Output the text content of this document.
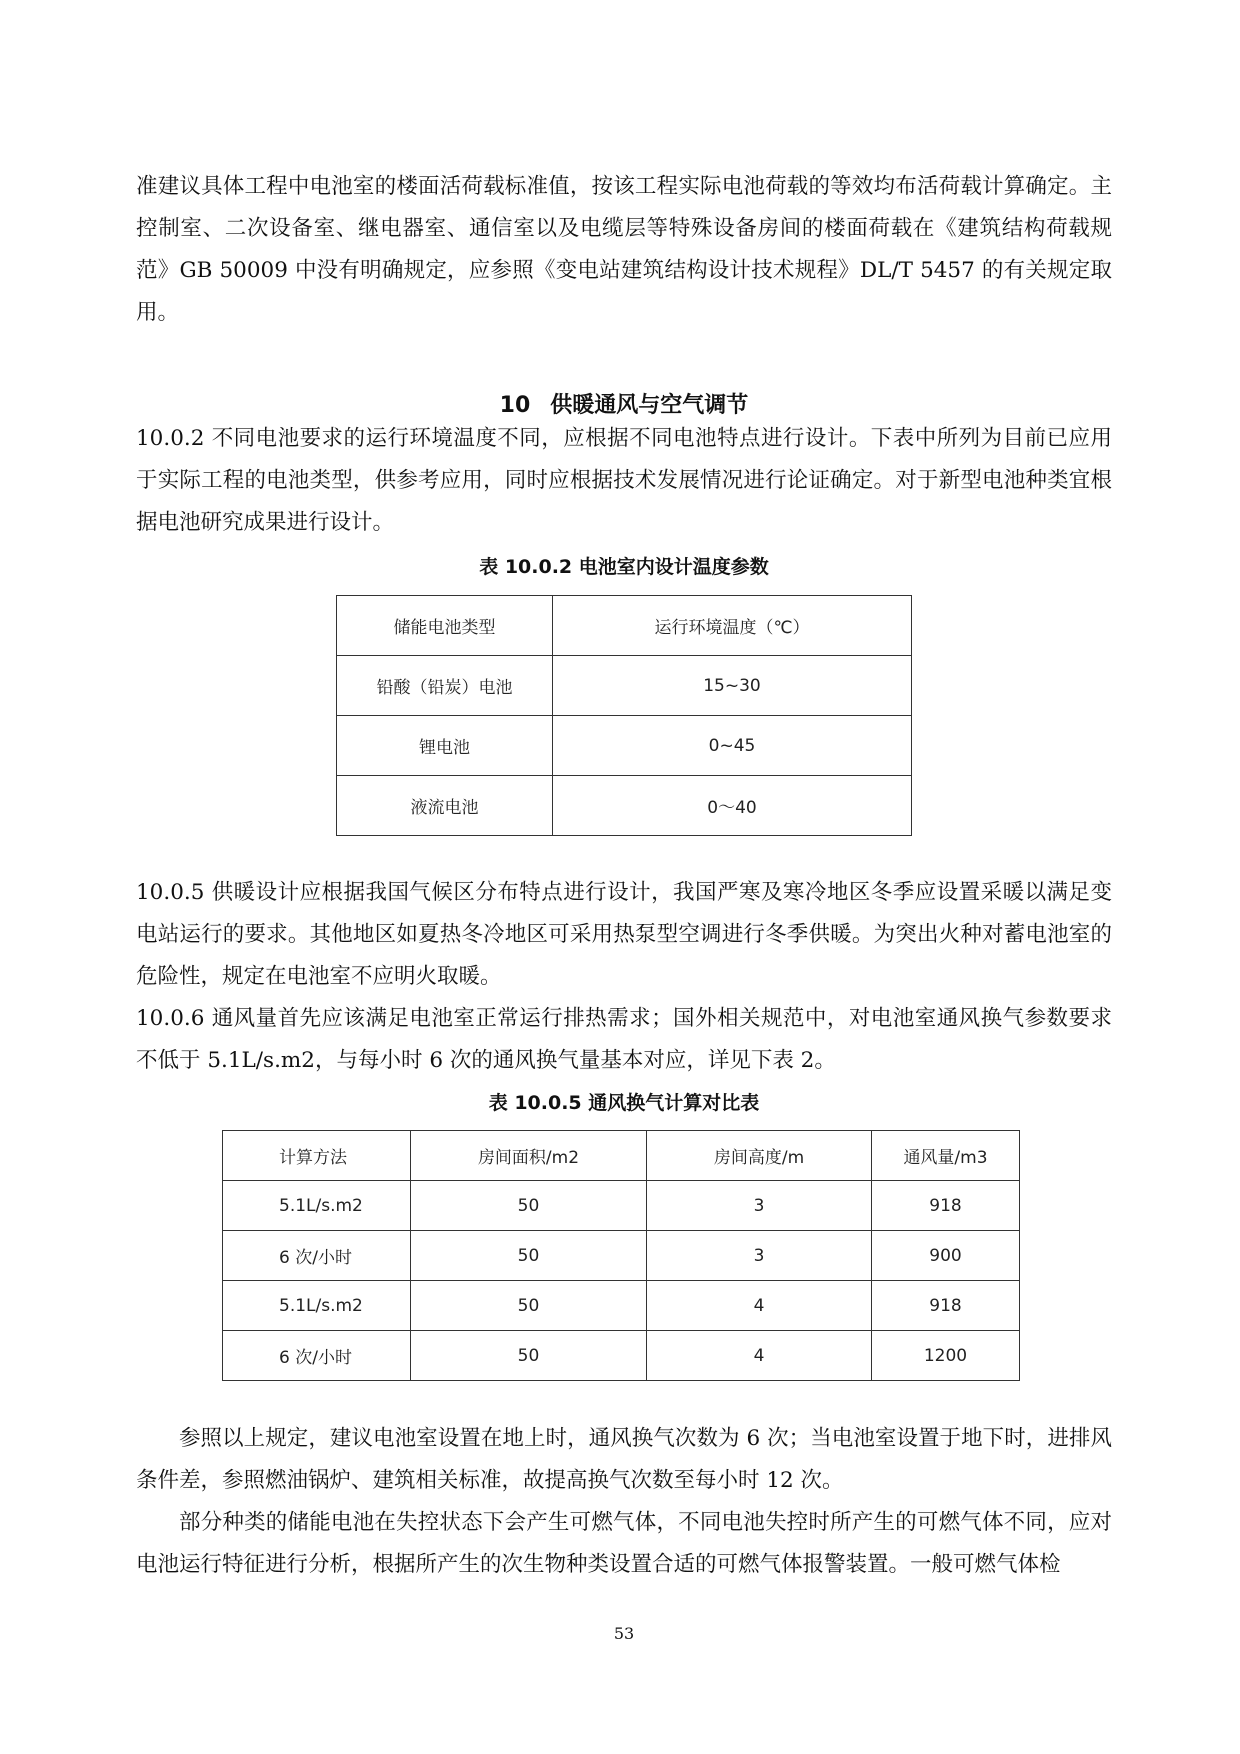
准建议具体工程中电池室的楼面活荷载标准值，按该工程实际电池荷载的等效均布活荷载计算确定。主控制室、二次设备室、继电器室、通信室以及电缆层等特殊设备房间的楼面荷载在《建筑结构荷载规范》GB 50009 中没有明确规定，应参照《变电站建筑结构设计技术规程》DL/T 5457 的有关规定取用。

10 供暖通风与空气调节

10.0.2 不同电池要求的运行环境温度不同，应根据不同电池特点进行设计。下表中所列为目前已应用于实际工程的电池类型，供参考应用，同时应根据技术发展情况进行论证确定。对于新型电池种类宜根据电池研究成果进行设计。

表 10.0.2 电池室内设计温度参数

储能电池类型	运行环境温度（℃）
铅酸（铅炭）电池	15~30
锂电池	0~45
液流电池	0～40

10.0.5 供暖设计应根据我国气候区分布特点进行设计，我国严寒及寒冷地区冬季应设置采暖以满足变电站运行的要求。其他地区如夏热冬冷地区可采用热泵型空调进行冬季供暖。为突出火种对蓄电池室的危险性，规定在电池室不应明火取暖。

10.0.6 通风量首先应该满足电池室正常运行排热需求；国外相关规范中，对电池室通风换气参数要求不低于 5.1L/s.m2，与每小时 6 次的通风换气量基本对应，详见下表 2。

表 10.0.5 通风换气计算对比表

计算方法	房间面积/m2	房间高度/m	通风量/m3
5.1L/s.m2	50	3	918
6 次/小时	50	3	900
5.1L/s.m2	50	4	918
6 次/小时	50	4	1200

参照以上规定，建议电池室设置在地上时，通风换气次数为 6 次；当电池室设置于地下时，进排风条件差，参照燃油锅炉、建筑相关标准，故提高换气次数至每小时 12 次。

部分种类的储能电池在失控状态下会产生可燃气体，不同电池失控时所产生的可燃气体不同，应对电池运行特征进行分析，根据所产生的次生物种类设置合适的可燃气体报警装置。一般可燃气体检

53
